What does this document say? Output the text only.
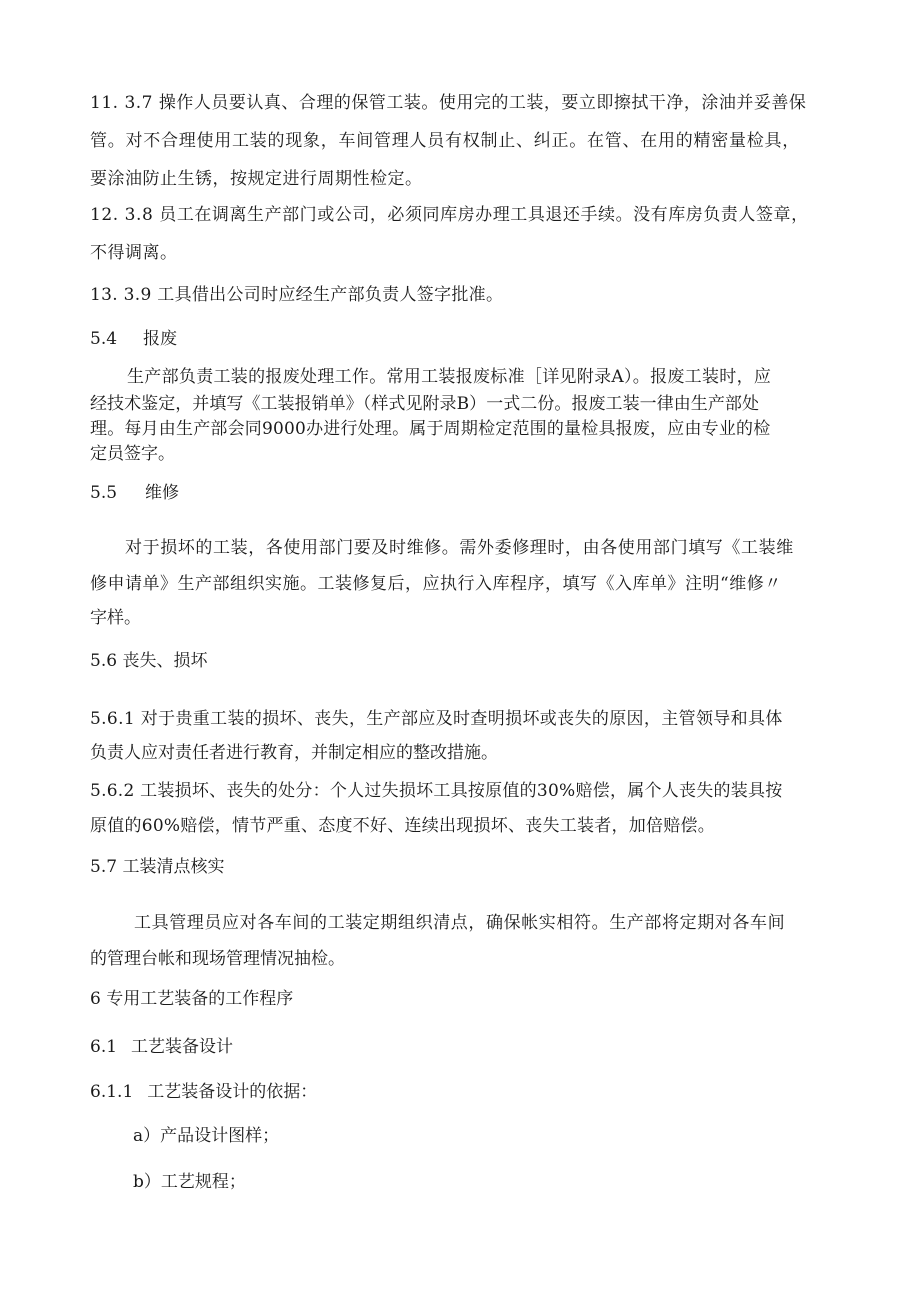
11. 3.7 操作人员要认真、合理的保管工装。使用完的工装，要立即擦拭干净，涂油并妥善保
管。对不合理使用工装的现象，车间管理人员有权制止、纠正。在管、在用的精密量检具，
要涂油防止生锈，按规定进行周期性检定。
12. 3.8 员工在调离生产部门或公司，必须同库房办理工具退还手续。没有库房负责人签章，
不得调离。
13. 3.9 工具借出公司时应经生产部负责人签字批准。
5.4 报废
生产部负责工装的报废处理工作。常用工装报废标准［详见附录A）。报废工装时，应
经技术鉴定，并填写《工装报销单》（样式见附录B）一式二份。报废工装一律由生产部处
理。每月由生产部会同9000办进行处理。属于周期检定范围的量检具报废，应由专业的检
定员签字。
5.5 维修
对于损坏的工装，各使用部门要及时维修。需外委修理时，由各使用部门填写《工装维
修申请单》生产部组织实施。工装修复后，应执行入库程序，填写《入库单》注明“维修〃
字样。
5.6 丧失、损坏
5.6.1 对于贵重工装的损坏、丧失，生产部应及时查明损坏或丧失的原因，主管领导和具体
负责人应对责任者进行教育，并制定相应的整改措施。
5.6.2 工装损坏、丧失的处分：个人过失损坏工具按原值的30%赔偿，属个人丧失的装具按
原值的60%赔偿，情节严重、态度不好、连续出现损坏、丧失工装者，加倍赔偿。
5.7 工装清点核实
工具管理员应对各车间的工装定期组织清点，确保帐实相符。生产部将定期对各车间
的管理台帐和现场管理情况抽检。
6 专用工艺装备的工作程序
6.1 工艺装备设计
6.1.1 工艺装备设计的依据：
a）产品设计图样；
b）工艺规程；
